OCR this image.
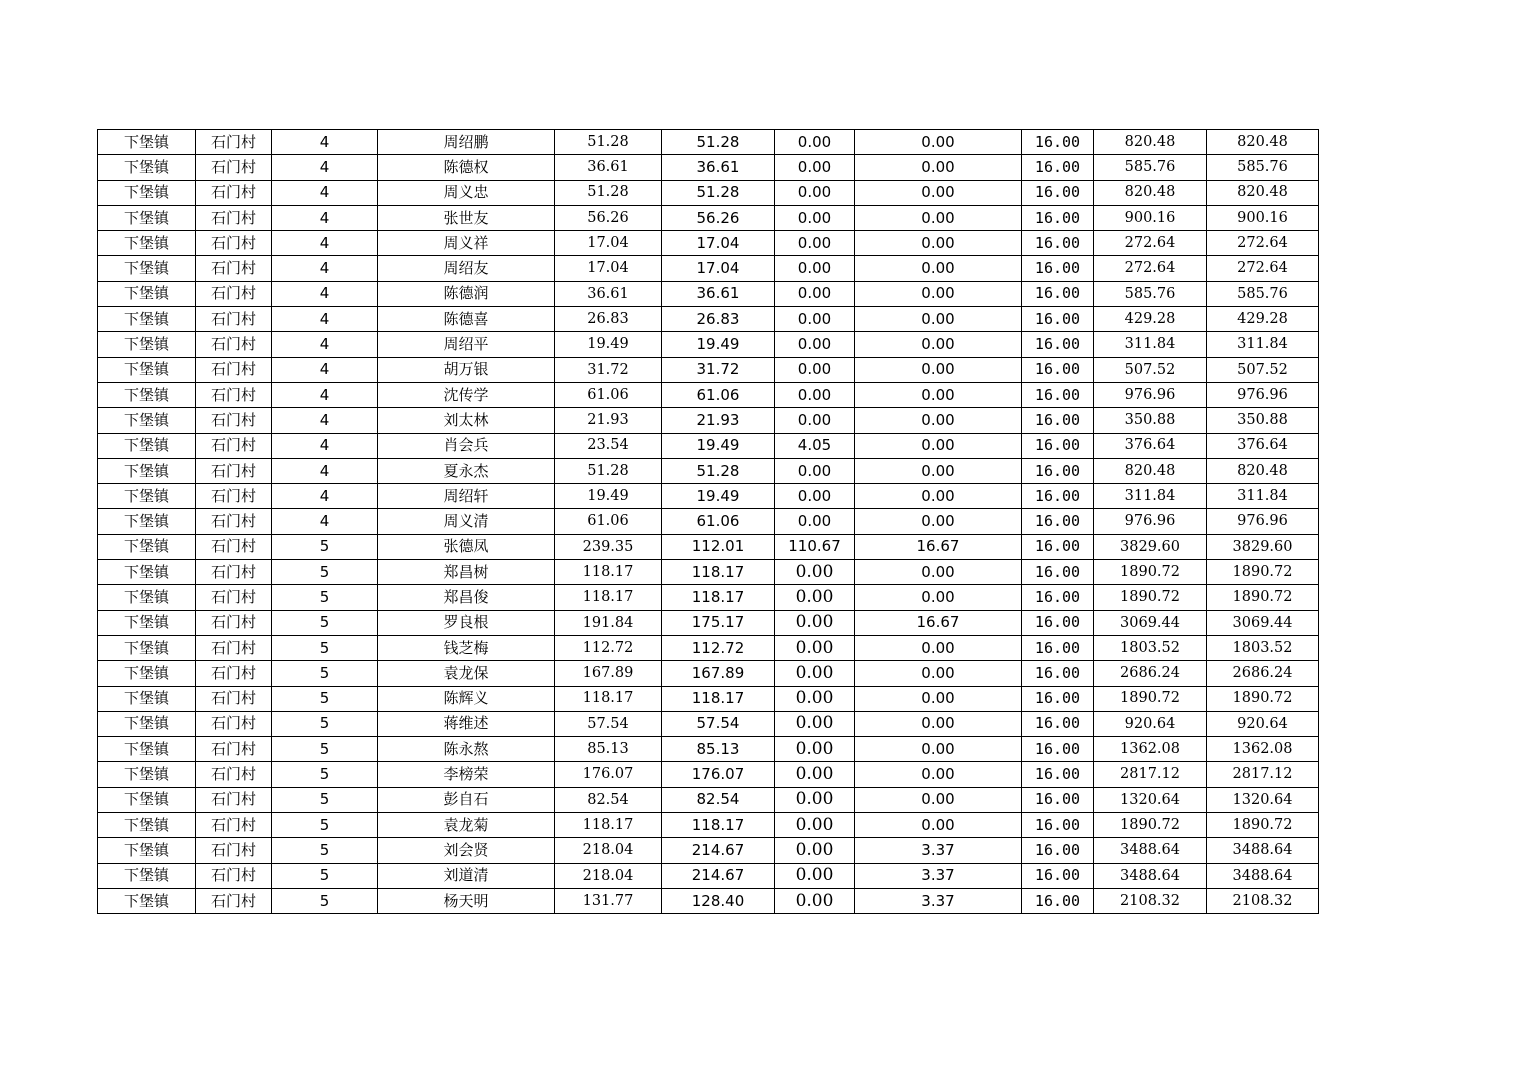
下堡镇	石门村	4	周绍鹏	51.28	51.28	0.00	0.00	16.00	820.48	820.48
下堡镇	石门村	4	陈德权	36.61	36.61	0.00	0.00	16.00	585.76	585.76
下堡镇	石门村	4	周义忠	51.28	51.28	0.00	0.00	16.00	820.48	820.48
下堡镇	石门村	4	张世友	56.26	56.26	0.00	0.00	16.00	900.16	900.16
下堡镇	石门村	4	周义祥	17.04	17.04	0.00	0.00	16.00	272.64	272.64
下堡镇	石门村	4	周绍友	17.04	17.04	0.00	0.00	16.00	272.64	272.64
下堡镇	石门村	4	陈德润	36.61	36.61	0.00	0.00	16.00	585.76	585.76
下堡镇	石门村	4	陈德喜	26.83	26.83	0.00	0.00	16.00	429.28	429.28
下堡镇	石门村	4	周绍平	19.49	19.49	0.00	0.00	16.00	311.84	311.84
下堡镇	石门村	4	胡万银	31.72	31.72	0.00	0.00	16.00	507.52	507.52
下堡镇	石门村	4	沈传学	61.06	61.06	0.00	0.00	16.00	976.96	976.96
下堡镇	石门村	4	刘太林	21.93	21.93	0.00	0.00	16.00	350.88	350.88
下堡镇	石门村	4	肖会兵	23.54	19.49	4.05	0.00	16.00	376.64	376.64
下堡镇	石门村	4	夏永杰	51.28	51.28	0.00	0.00	16.00	820.48	820.48
下堡镇	石门村	4	周绍轩	19.49	19.49	0.00	0.00	16.00	311.84	311.84
下堡镇	石门村	4	周义清	61.06	61.06	0.00	0.00	16.00	976.96	976.96
下堡镇	石门村	5	张德凤	239.35	112.01	110.67	16.67	16.00	3829.60	3829.60
下堡镇	石门村	5	郑昌树	118.17	118.17	0.00	0.00	16.00	1890.72	1890.72
下堡镇	石门村	5	郑昌俊	118.17	118.17	0.00	0.00	16.00	1890.72	1890.72
下堡镇	石门村	5	罗良根	191.84	175.17	0.00	16.67	16.00	3069.44	3069.44
下堡镇	石门村	5	钱芝梅	112.72	112.72	0.00	0.00	16.00	1803.52	1803.52
下堡镇	石门村	5	袁龙保	167.89	167.89	0.00	0.00	16.00	2686.24	2686.24
下堡镇	石门村	5	陈辉义	118.17	118.17	0.00	0.00	16.00	1890.72	1890.72
下堡镇	石门村	5	蒋维述	57.54	57.54	0.00	0.00	16.00	920.64	920.64
下堡镇	石门村	5	陈永熬	85.13	85.13	0.00	0.00	16.00	1362.08	1362.08
下堡镇	石门村	5	李榜荣	176.07	176.07	0.00	0.00	16.00	2817.12	2817.12
下堡镇	石门村	5	彭自石	82.54	82.54	0.00	0.00	16.00	1320.64	1320.64
下堡镇	石门村	5	袁龙菊	118.17	118.17	0.00	0.00	16.00	1890.72	1890.72
下堡镇	石门村	5	刘会贤	218.04	214.67	0.00	3.37	16.00	3488.64	3488.64
下堡镇	石门村	5	刘道清	218.04	214.67	0.00	3.37	16.00	3488.64	3488.64
下堡镇	石门村	5	杨天明	131.77	128.40	0.00	3.37	16.00	2108.32	2108.32
